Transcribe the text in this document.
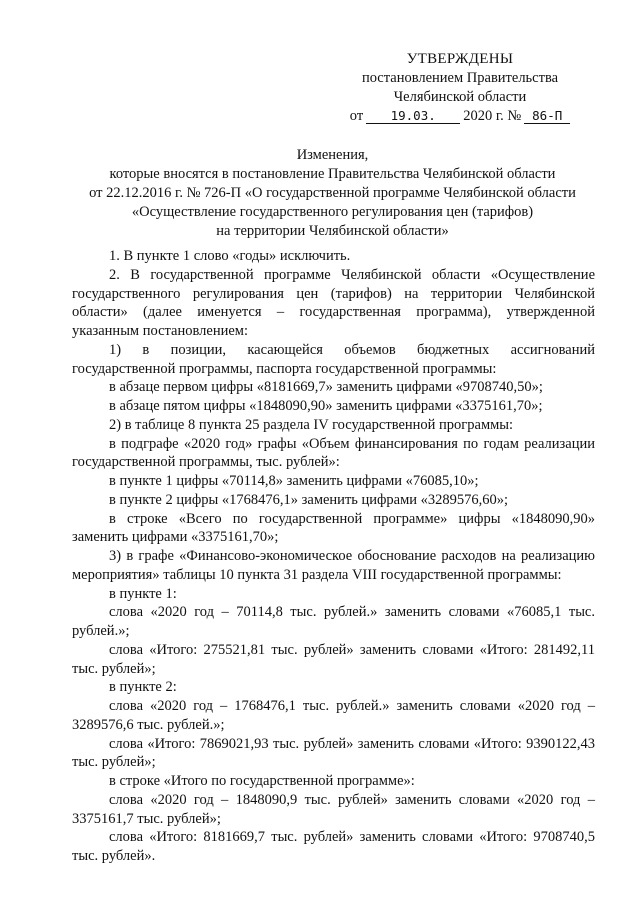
УТВЕРЖДЕНЫ
постановлением Правительства
Челябинской области
от	19.03.	2020 г. № 86-П
Изменения,
которые вносятся в постановление Правительства Челябинской области
от 22.12.2016 г. № 726-П «О государственной программе Челябинской области
«Осуществление государственного регулирования цен (тарифов)
на территории Челябинской области»

1. В пункте 1 слово «годы» исключить.

2. В государственной программе Челябинской области «Осуществление государственного регулирования цен (тарифов) на территории Челябинской области» (далее именуется – государственная программа), утвержденной указанным постановлением:

1) в позиции, касающейся объемов бюджетных ассигнований государственной программы, паспорта государственной программы:

в абзаце первом цифры «8181669,7» заменить цифрами «9708740,50»;

в абзаце пятом цифры «1848090,90» заменить цифрами «3375161,70»;

2) в таблице 8 пункта 25 раздела IV государственной программы:

в подграфе «2020 год» графы «Объем финансирования по годам реализации государственной программы, тыс. рублей»:

в пункте 1 цифры «70114,8» заменить цифрами «76085,10»;

в пункте 2 цифры «1768476,1» заменить цифрами «3289576,60»;

в строке «Всего по государственной программе» цифры «1848090,90» заменить цифрами «3375161,70»;

3) в графе «Финансово-экономическое обоснование расходов на реализацию мероприятия» таблицы 10 пункта 31 раздела VIII государственной программы:

в пункте 1:

слова «2020 год – 70114,8 тыс. рублей.» заменить словами «76085,1 тыс. рублей.»;

слова «Итого: 275521,81 тыс. рублей» заменить словами «Итого: 281492,11 тыс. рублей»;

в пункте 2:

слова «2020 год – 1768476,1 тыс. рублей.» заменить словами «2020 год – 3289576,6 тыс. рублей.»;

слова «Итого: 7869021,93 тыс. рублей» заменить словами «Итого: 9390122,43 тыс. рублей»;

в строке «Итого по государственной программе»:

слова «2020 год – 1848090,9 тыс. рублей» заменить словами «2020 год – 3375161,7 тыс. рублей»;

слова «Итого: 8181669,7 тыс. рублей» заменить словами «Итого: 9708740,5 тыс. рублей».
